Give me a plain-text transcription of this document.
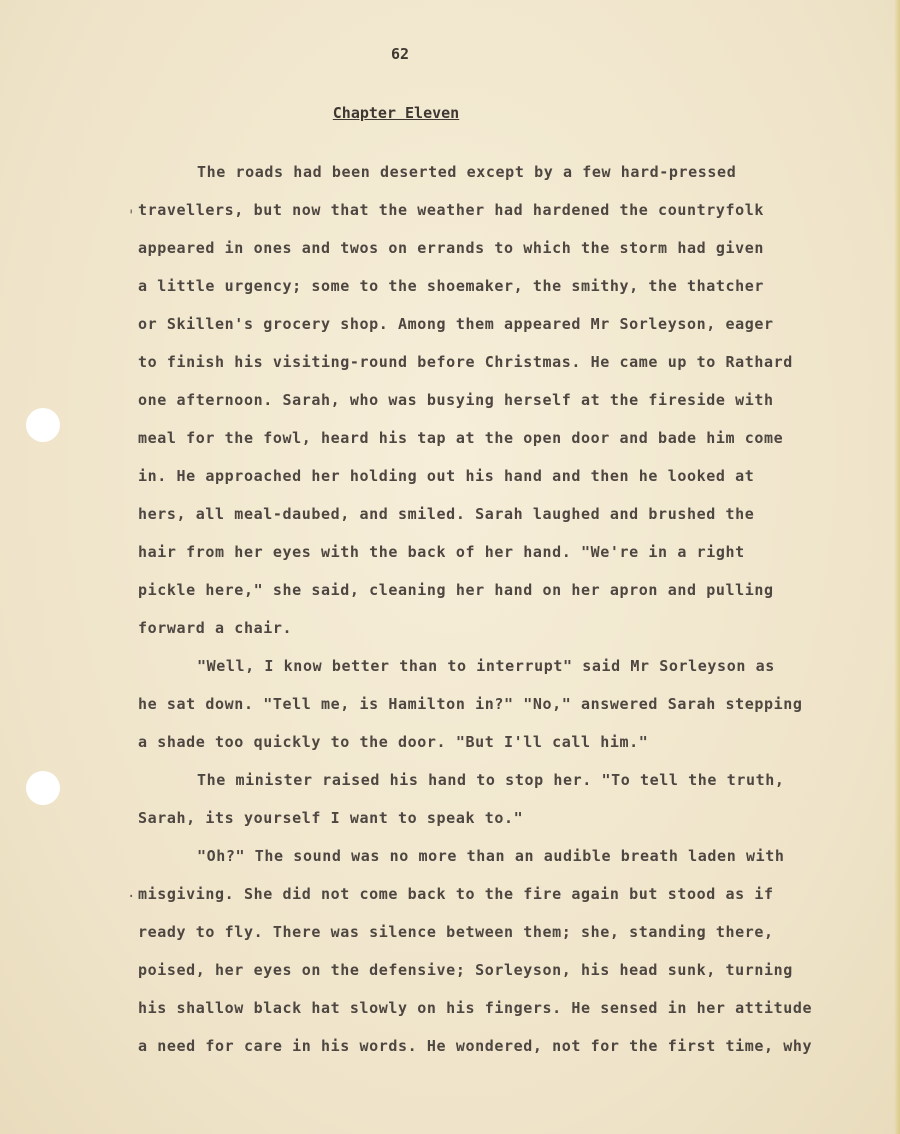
62
Chapter Eleven
'
·
The roads had been deserted except by a few hard-pressed
travellers, but now that the weather had hardened the countryfolk
appeared in ones and twos on errands to which the storm had given
a little urgency; some to the shoemaker, the smithy, the thatcher
or Skillen's grocery shop. Among them appeared Mr Sorleyson, eager
to finish his visiting-round before Christmas. He came up to Rathard
one afternoon. Sarah, who was busying herself at the fireside with
meal for the fowl, heard his tap at the open door and bade him come
in. He approached her holding out his hand and then he looked at
hers, all meal-daubed, and smiled. Sarah laughed and brushed the
hair from her eyes with the back of her hand. "We're in a right
pickle here," she said, cleaning her hand on her apron and pulling
forward a chair.
"Well, I know better than to interrupt" said Mr Sorleyson as
he sat down. "Tell me, is Hamilton in?" "No," answered Sarah stepping
a shade too quickly to the door. "But I'll call him."
The minister raised his hand to stop her. "To tell the truth,
Sarah, its yourself I want to speak to."
"Oh?" The sound was no more than an audible breath laden with
misgiving. She did not come back to the fire again but stood as if
ready to fly. There was silence between them; she, standing there,
poised, her eyes on the defensive; Sorleyson, his head sunk, turning
his shallow black hat slowly on his fingers. He sensed in her attitude
a need for care in his words. He wondered, not for the first time, why
